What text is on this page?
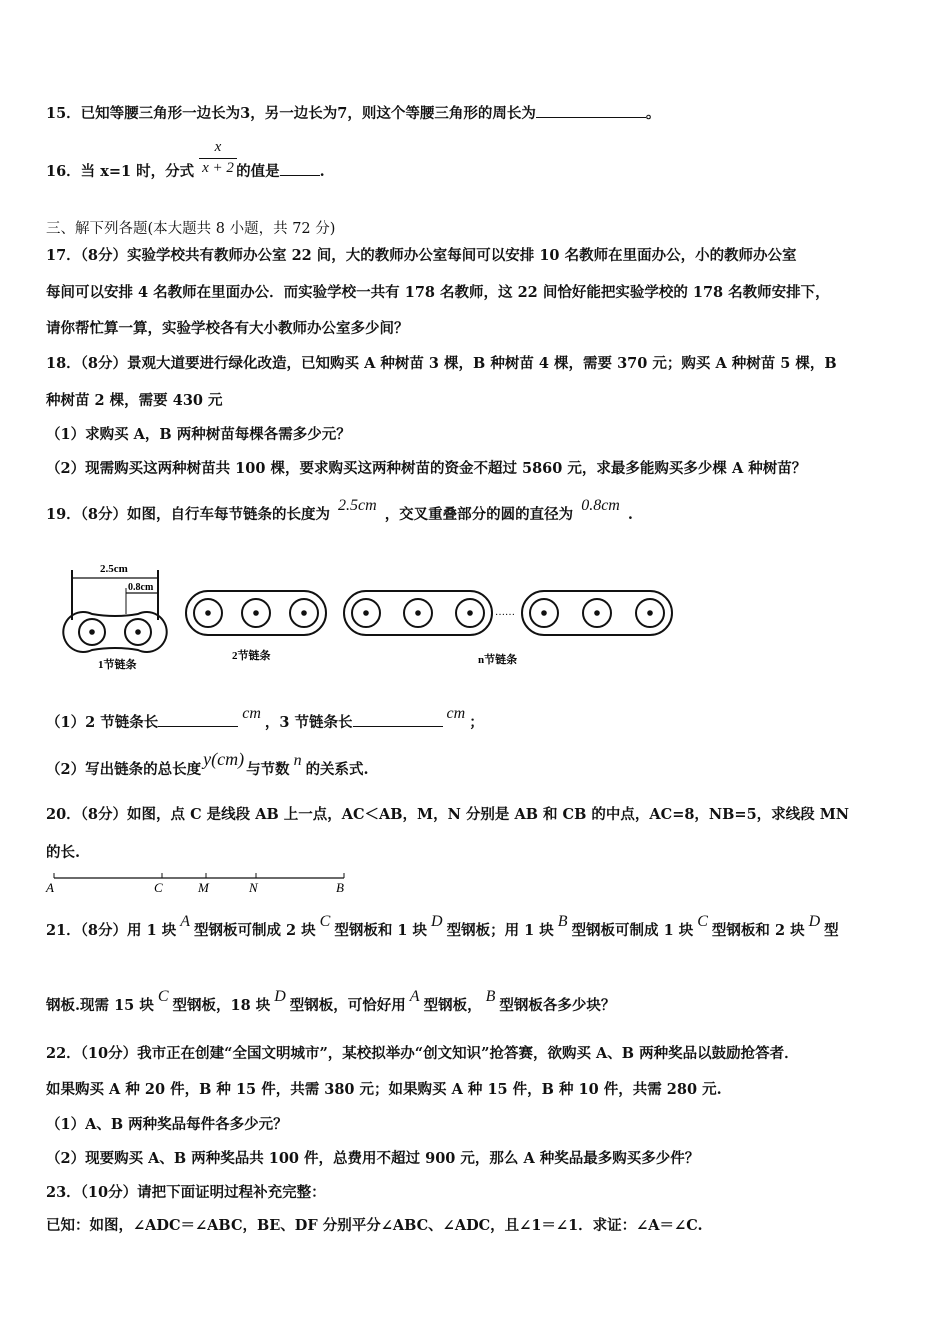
15．已知等腰三角形一边长为3，另一边长为7，则这个等腰三角形的周长为	。
16．当 x=1 时，分式	的值是	.
x
x + 2
三、解下列各题(本大题共 8 小题，共 72 分)
17．（8分）实验学校共有教师办公室 22 间，大的教师办公室每间可以安排 10 名教师在里面办公，小的教师办公室
每间可以安排 4 名教师在里面办公．而实验学校一共有 178 名教师，这 22 间恰好能把实验学校的 178 名教师安排下，
请你帮忙算一算，实验学校各有大小教师办公室多少间？
18．（8分）景观大道要进行绿化改造，已知购买 A 种树苗 3 棵，B 种树苗 4 棵，需要 370 元；购买 A 种树苗 5 棵，B
种树苗 2 棵，需要 430 元
（1）求购买 A，B 两种树苗每棵各需多少元？
（2）现需购买这两种树苗共 100 棵，要求购买这两种树苗的资金不超过 5860 元，求最多能购买多少棵 A 种树苗？
19．（8分）如图，自行车每节链条的长度为2.5cm，交叉重叠部分的圆的直径为0.8cm.
2.5cm
0.8cm
1节链条
2节链条
……
n节链条
（1）2 节链条长cm，3 节链条长cm；
（2）写出链条的总长度y(cm)与节数n的关系式.
20．（8分）如图，点 C 是线段 AB 上一点，AC＜AB，M，N 分别是 AB 和 CB 的中点，AC=8，NB=5，求线段 MN
的长.
A	C	M	N	B
21．（8分）用 1 块A型钢板可制成 2 块C型钢板和 1 块D型钢板；用 1 块B型钢板可制成 1 块C型钢板和 2 块D型
钢板.现需 15 块C型钢板，18 块D型钢板，可恰好用A型钢板，B型钢板各多少块？
22．（10分）我市正在创建“全国文明城市”，某校拟举办“创文知识”抢答赛，欲购买 A、B 两种奖品以鼓励抢答者．
如果购买 A 种 20 件，B 种 15 件，共需 380 元；如果购买 A 种 15 件，B 种 10 件，共需 280 元.
（1）A、B 两种奖品每件各多少元？
（2）现要购买 A、B 两种奖品共 100 件，总费用不超过 900 元，那么 A 种奖品最多购买多少件？
23．（10分）请把下面证明过程补充完整：
已知：如图，∠ADC＝∠ABC，BE、DF 分别平分∠ABC、∠ADC，且∠1＝∠1．求证：∠A＝∠C.
